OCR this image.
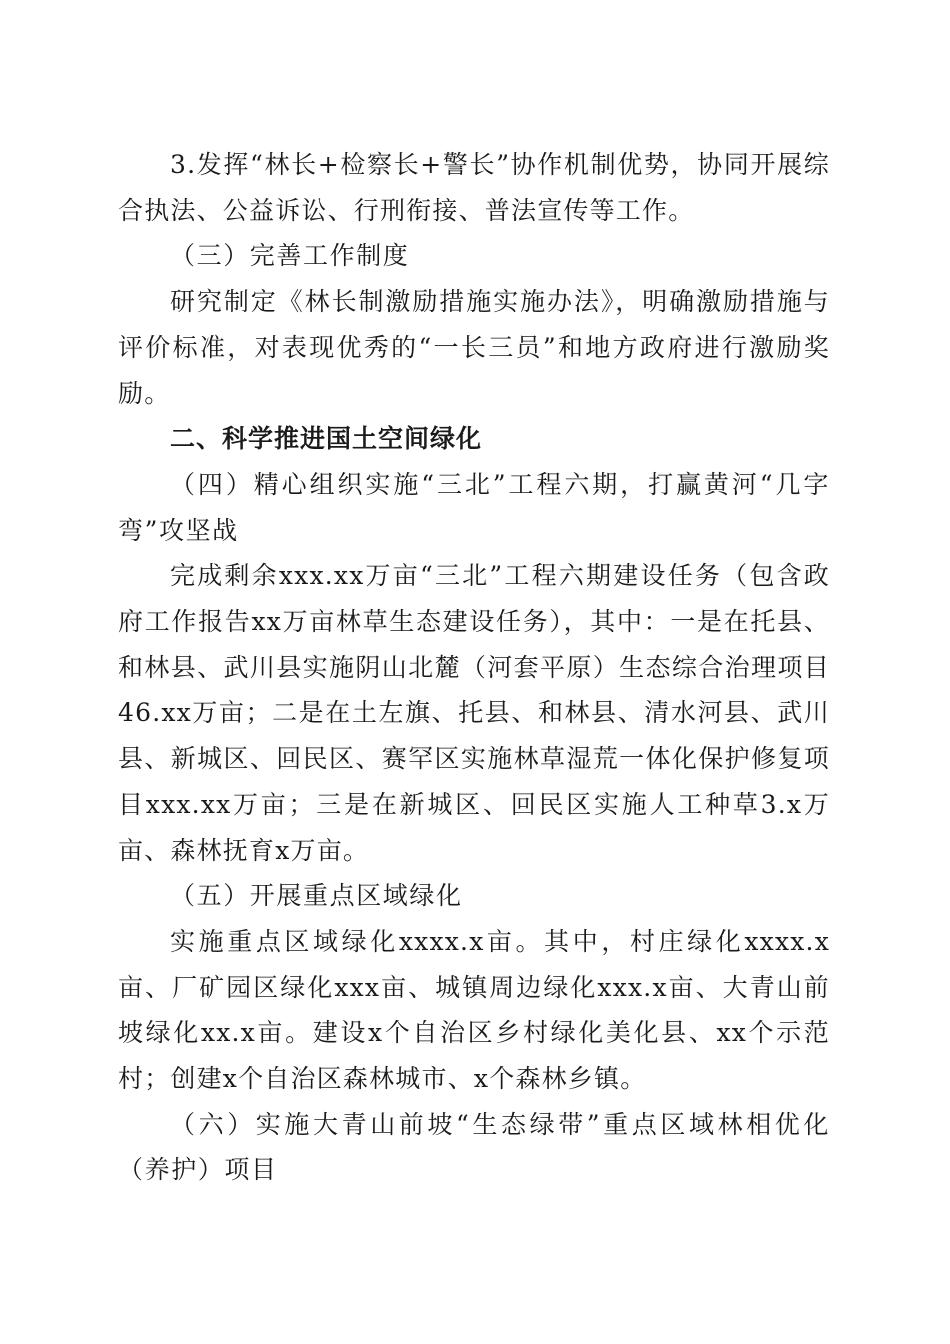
3.发挥“林长+检察长+警长”协作机制优势，协同开展综合执法、公益诉讼、行刑衔接、普法宣传等工作。

（三）完善工作制度

研究制定《林长制激励措施实施办法》，明确激励措施与评价标准，对表现优秀的“一长三员”和地方政府进行激励奖励。

二、科学推进国土空间绿化

（四）精心组织实施“三北”工程六期，打赢黄河“几字弯”攻坚战

完成剩余xxx.xx万亩“三北”工程六期建设任务（包含政府工作报告xx万亩林草生态建设任务），其中：一是在托县、和林县、武川县实施阴山北麓（河套平原）生态综合治理项目46.xx万亩；二是在土左旗、托县、和林县、清水河县、武川县、新城区、回民区、赛罕区实施林草湿荒一体化保护修复项目xxx.xx万亩；三是在新城区、回民区实施人工种草3.x万亩、森林抚育x万亩。

（五）开展重点区域绿化

实施重点区域绿化xxxx.x亩。其中，村庄绿化xxxx.x亩、厂矿园区绿化xxx亩、城镇周边绿化xxx.x亩、大青山前坡绿化xx.x亩。建设x个自治区乡村绿化美化县、xx个示范村；创建x个自治区森林城市、x个森林乡镇。

（六）实施大青山前坡“生态绿带”重点区域林相优化（养护）项目
